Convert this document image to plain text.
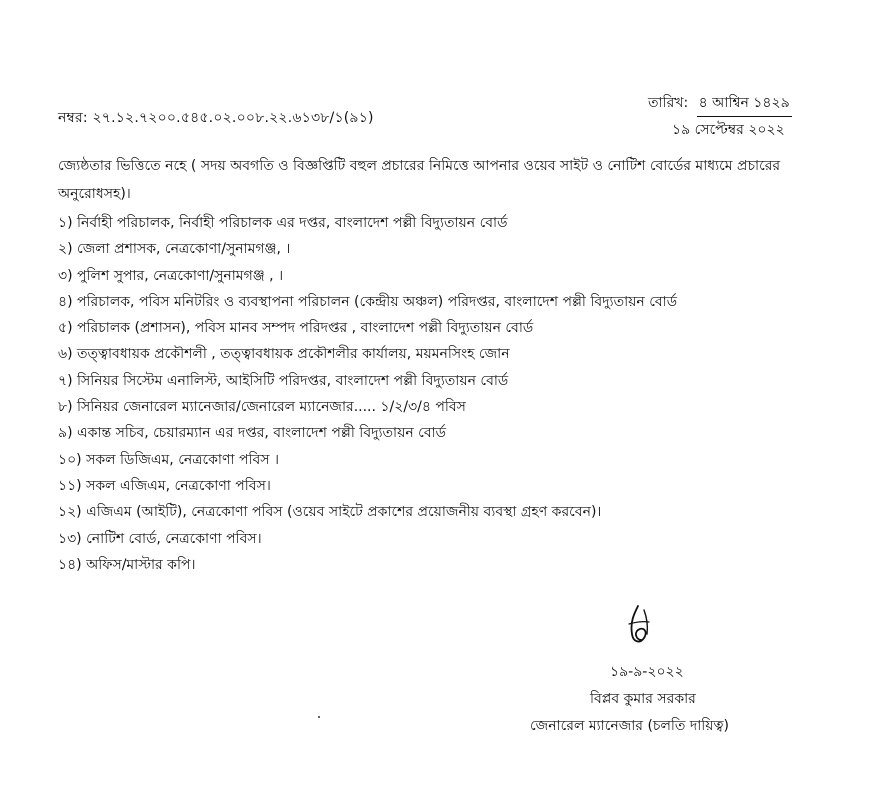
নম্বর: ২৭.১২.৭২০০.৫৪৫.০২.০০৮.২২.৬১৩৮/১(৯১)
তারিখ: ৪ আশ্বিন ১৪২৯
১৯ সেপ্টেম্বর ২০২২
জ্যেষ্ঠতার ভিত্তিতে নহে ( সদয় অবগতি ও বিজ্ঞপ্তিটি বহুল প্রচারের নিমিত্তে আপনার ওয়েব সাইট ও নোটিশ বোর্ডের মাধ্যমে প্রচারের অনুরোধসহ)।
১) নির্বাহী পরিচালক, নির্বাহী পরিচালক এর দপ্তর, বাংলাদেশ পল্লী বিদ্যুতায়ন বোর্ড
২) জেলা প্রশাসক, নেত্রকোণা/সুনামগঞ্জ, ।
৩) পুলিশ সুপার, নেত্রকোণা/সুনামগঞ্জ , ।
৪) পরিচালক, পবিস মনিটরিং ও ব্যবস্থাপনা পরিচালন (কেন্দ্রীয় অঞ্চল) পরিদপ্তর, বাংলাদেশ পল্লী বিদ্যুতায়ন বোর্ড
৫) পরিচালক (প্রশাসন), পবিস মানব সম্পদ পরিদপ্তর , বাংলাদেশ পল্লী বিদ্যুতায়ন বোর্ড
৬) তত্ত্বাবধায়ক প্রকৌশলী , তত্ত্বাবধায়ক প্রকৌশলীর কার্যালয়, ময়মনসিংহ জোন
৭) সিনিয়র সিস্টেম এনালিস্ট, আইসিটি পরিদপ্তর, বাংলাদেশ পল্লী বিদ্যুতায়ন বোর্ড
৮) সিনিয়র জেনারেল ম্যানেজার/জেনারেল ম্যানেজার..... ১/২/৩/৪ পবিস
৯) একান্ত সচিব, চেয়ারম্যান এর দপ্তর, বাংলাদেশ পল্লী বিদ্যুতায়ন বোর্ড
১০) সকল ডিজিএম, নেত্রকোণা পবিস ।
১১) সকল এজিএম, নেত্রকোণা পবিস।
১২) এজিএম (আইটি), নেত্রকোণা পবিস (ওয়েব সাইটে প্রকাশের প্রয়োজনীয় ব্যবস্থা গ্রহণ করবেন)।
১৩) নোটিশ বোর্ড, নেত্রকোণা পবিস।
১৪) অফিস/মাস্টার কপি।
১৯-৯-২০২২
বিপ্লব কুমার সরকার
জেনারেল ম্যানেজার (চলতি দায়িত্ব)
